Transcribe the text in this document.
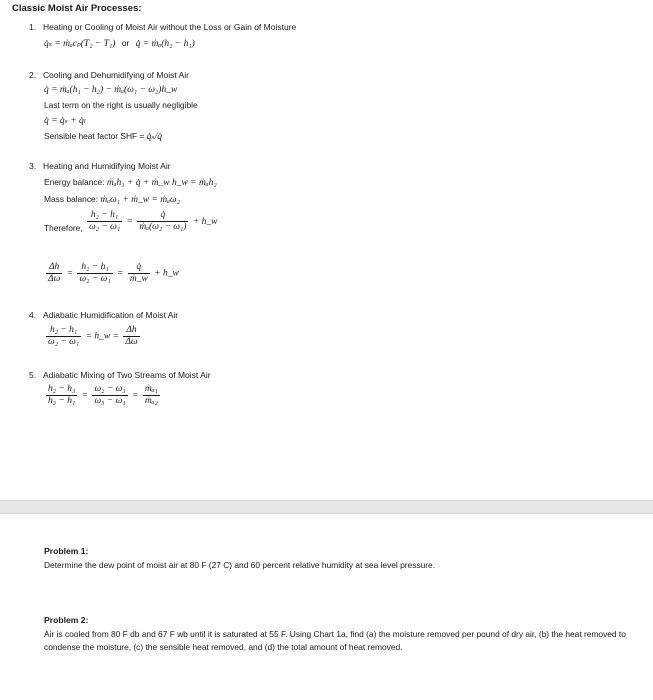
Classic Moist Air Processes:
1. Heating or Cooling of Moist Air without the Loss or Gain of Moisture
q̇ₛ = ṁₐcₚ(T₂ − T₁) or q̇ = ṁₐ(h₂ − h₁)
2. Cooling and Dehumidifying of Moist Air
q̇ = ṁₐ(h₁ − h₂) − ṁₐ(ω₁ − ω₂)h_w
Last term on the right is usually negligible
q̇ = q̇ₛ + q̇ₗ
Sensible heat factor SHF = q̇ₛ/q̇
3. Heating and Humidifying Moist Air
Energy balance: ṁₐh₁ + q̇ + ṁ_w h_w = ṁₐh₂
Mass balance: ṁₐω₁ + ṁ_w = ṁₐω₂
Therefore, $\frac{\text{h₂ − h₁}}{\text{ω₂ − ω₁}} = \frac{q̇}{\text{ṁₐ(ω₂ − ω₁)}}$ + h_w
$\frac{\Delta h}{\Delta\omega} = \frac{\text{h₂ − h₁}}{\text{ω₂ − ω₁}} = \frac{q̇}{\text{ṁ\_w}}$ + h_w
4. Adiabatic Humidification of Moist Air
$\frac{\text{h₂ − h₁}}{\text{ω₂ − ω₁}}$ = h_w = $\frac{\Delta h}{\Delta\omega}$
5. Adiabatic Mixing of Two Streams of Moist Air
$\frac{\text{h₂ − h₃}}{\text{h₃ − h₁}} = \frac{\text{ω₂ − ω₃}}{\text{ω₃ − ω₁}} = \frac{\text{ṁₐ₁}}{\text{ṁₐ₂}}$
Problem 1:
Determine the dew point of moist air at 80 F (27 C) and 60 percent relative humidity at sea level pressure.
Problem 2:
Air is cooled from 80 F db and 67 F wb until it is saturated at 55 F. Using Chart 1a, find (a) the moisture removed per pound of dry air, (b) the heat removed to condense the moisture, (c) the sensible heat removed, and (d) the total amount of heat removed.
